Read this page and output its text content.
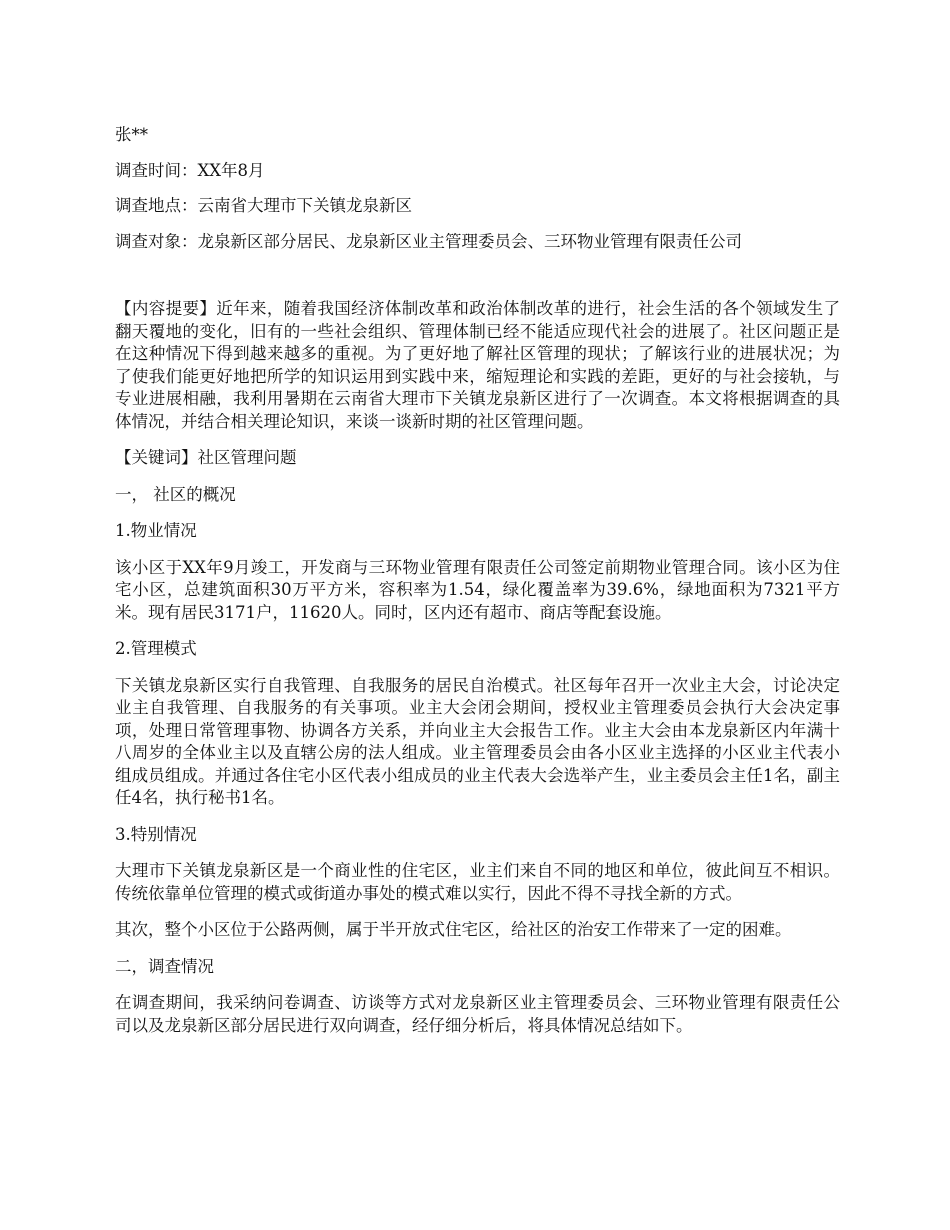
张**

调查时间：XX年8月

调查地点：云南省大理市下关镇龙泉新区

调查对象：龙泉新区部分居民、龙泉新区业主管理委员会、三环物业管理有限责任公司

【内容提要】近年来，随着我国经济体制改革和政治体制改革的进行，社会生活的各个领域发生了翻天覆地的变化，旧有的一些社会组织、管理体制已经不能适应现代社会的进展了。社区问题正是在这种情况下得到越来越多的重视。为了更好地了解社区管理的现状；了解该行业的进展状况；为了使我们能更好地把所学的知识运用到实践中来，缩短理论和实践的差距，更好的与社会接轨，与专业进展相融，我利用暑期在云南省大理市下关镇龙泉新区进行了一次调查。本文将根据调查的具体情况，并结合相关理论知识，来谈一谈新时期的社区管理问题。

【关键词】社区管理问题

一， 社区的概况

1.物业情况

该小区于XX年9月竣工，开发商与三环物业管理有限责任公司签定前期物业管理合同。该小区为住宅小区，总建筑面积30万平方米，容积率为1.54，绿化覆盖率为39.6%，绿地面积为7321平方米。现有居民3171户，11620人。同时，区内还有超市、商店等配套设施。

2.管理模式

下关镇龙泉新区实行自我管理、自我服务的居民自治模式。社区每年召开一次业主大会，讨论决定业主自我管理、自我服务的有关事项。业主大会闭会期间，授权业主管理委员会执行大会决定事项，处理日常管理事物、协调各方关系，并向业主大会报告工作。业主大会由本龙泉新区内年满十八周岁的全体业主以及直辖公房的法人组成。业主管理委员会由各小区业主选择的小区业主代表小组成员组成。并通过各住宅小区代表小组成员的业主代表大会选举产生，业主委员会主任1名，副主任4名，执行秘书1名。

3.特别情况

大理市下关镇龙泉新区是一个商业性的住宅区，业主们来自不同的地区和单位，彼此间互不相识。传统依靠单位管理的模式或街道办事处的模式难以实行，因此不得不寻找全新的方式。

其次，整个小区位于公路两侧，属于半开放式住宅区，给社区的治安工作带来了一定的困难。

二，调查情况

在调查期间，我采纳问卷调查、访谈等方式对龙泉新区业主管理委员会、三环物业管理有限责任公司以及龙泉新区部分居民进行双向调查，经仔细分析后，将具体情况总结如下。
